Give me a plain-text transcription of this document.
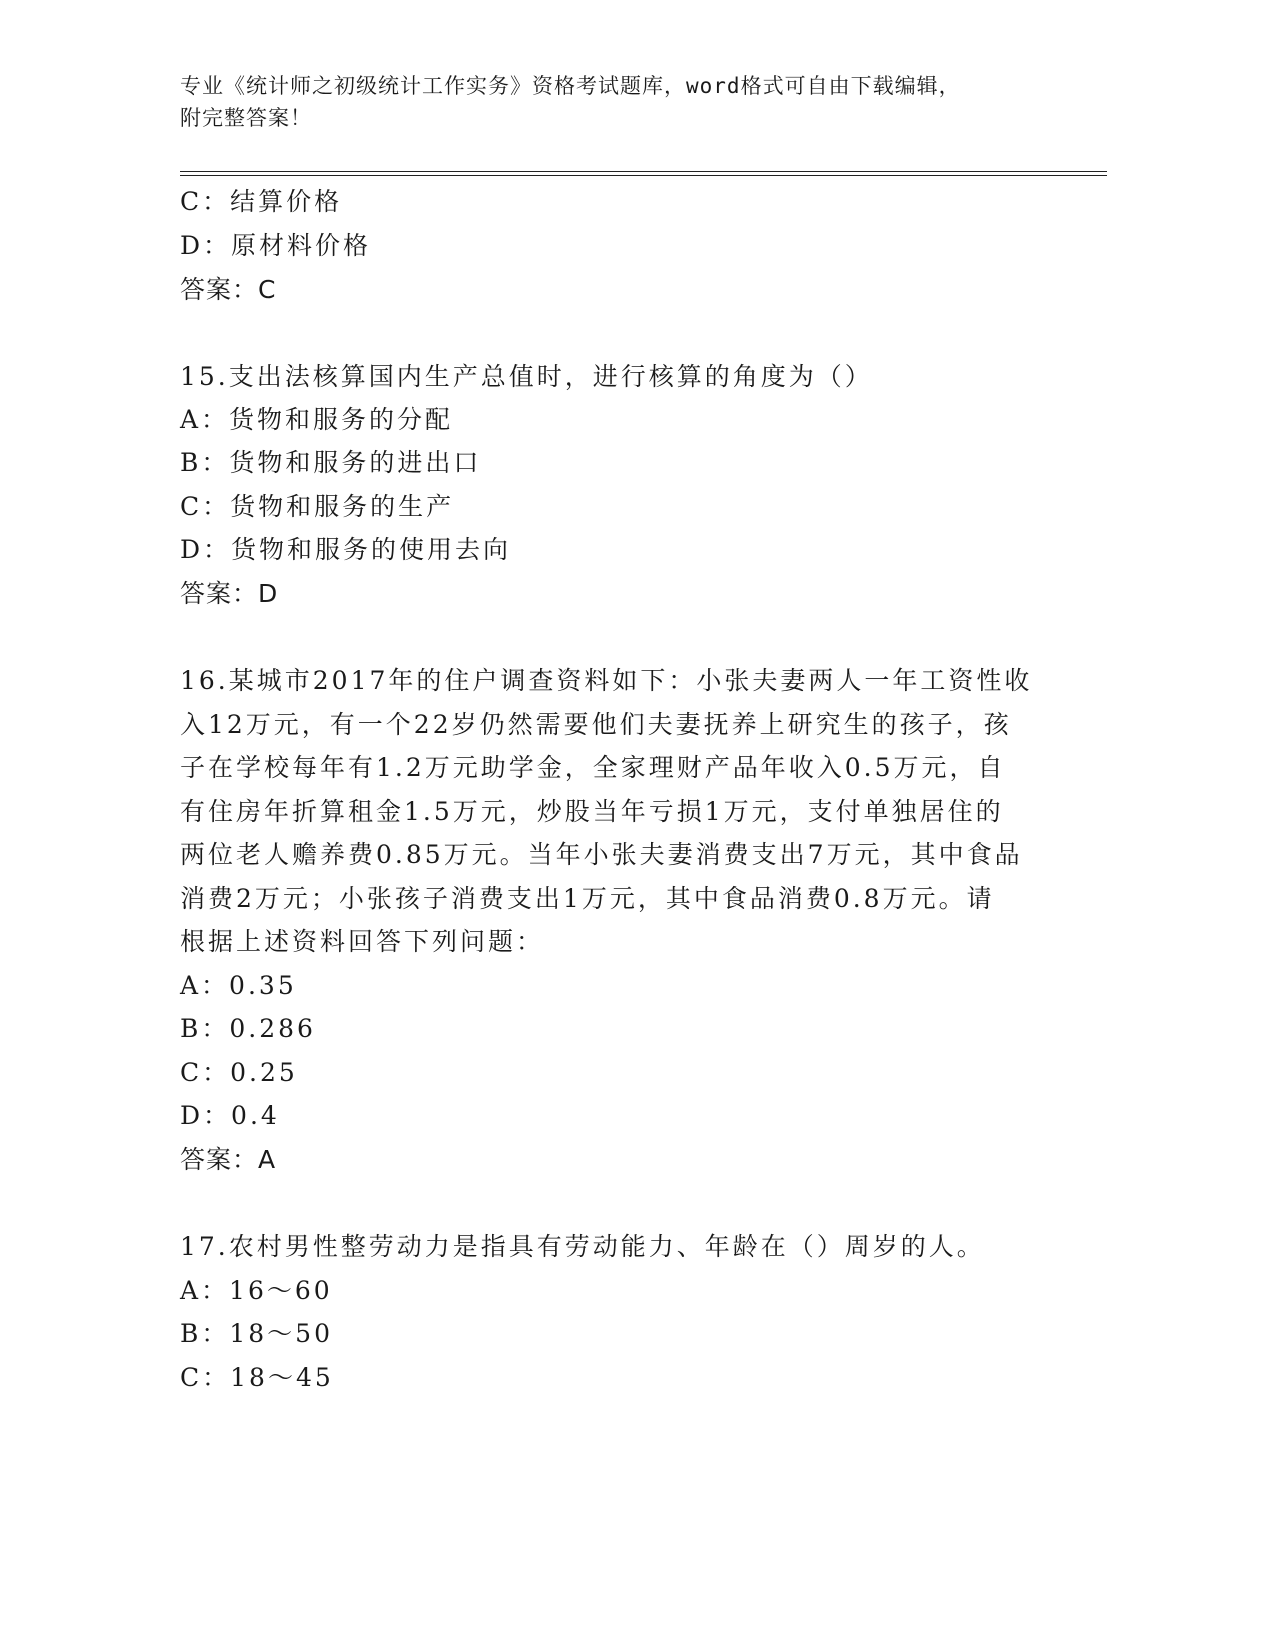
专业《统计师之初级统计工作实务》资格考试题库，word格式可自由下载编辑，
附完整答案！
C：结算价格
D：原材料价格
答案：C
15.支出法核算国内生产总值时，进行核算的角度为（）
A：货物和服务的分配
B：货物和服务的进出口
C：货物和服务的生产
D：货物和服务的使用去向
答案：D
16.某城市2017年的住户调查资料如下：小张夫妻两人一年工资性收
入12万元，有一个22岁仍然需要他们夫妻抚养上研究生的孩子，孩
子在学校每年有1.2万元助学金，全家理财产品年收入0.5万元，自
有住房年折算租金1.5万元，炒股当年亏损1万元，支付单独居住的
两位老人赡养费0.85万元。当年小张夫妻消费支出7万元，其中食品
消费2万元；小张孩子消费支出1万元，其中食品消费0.8万元。请
根据上述资料回答下列问题：
A：0.35
B：0.286
C：0.25
D：0.4
答案：A
17.农村男性整劳动力是指具有劳动能力、年龄在（）周岁的人。
A：16～60
B：18～50
C：18～45
